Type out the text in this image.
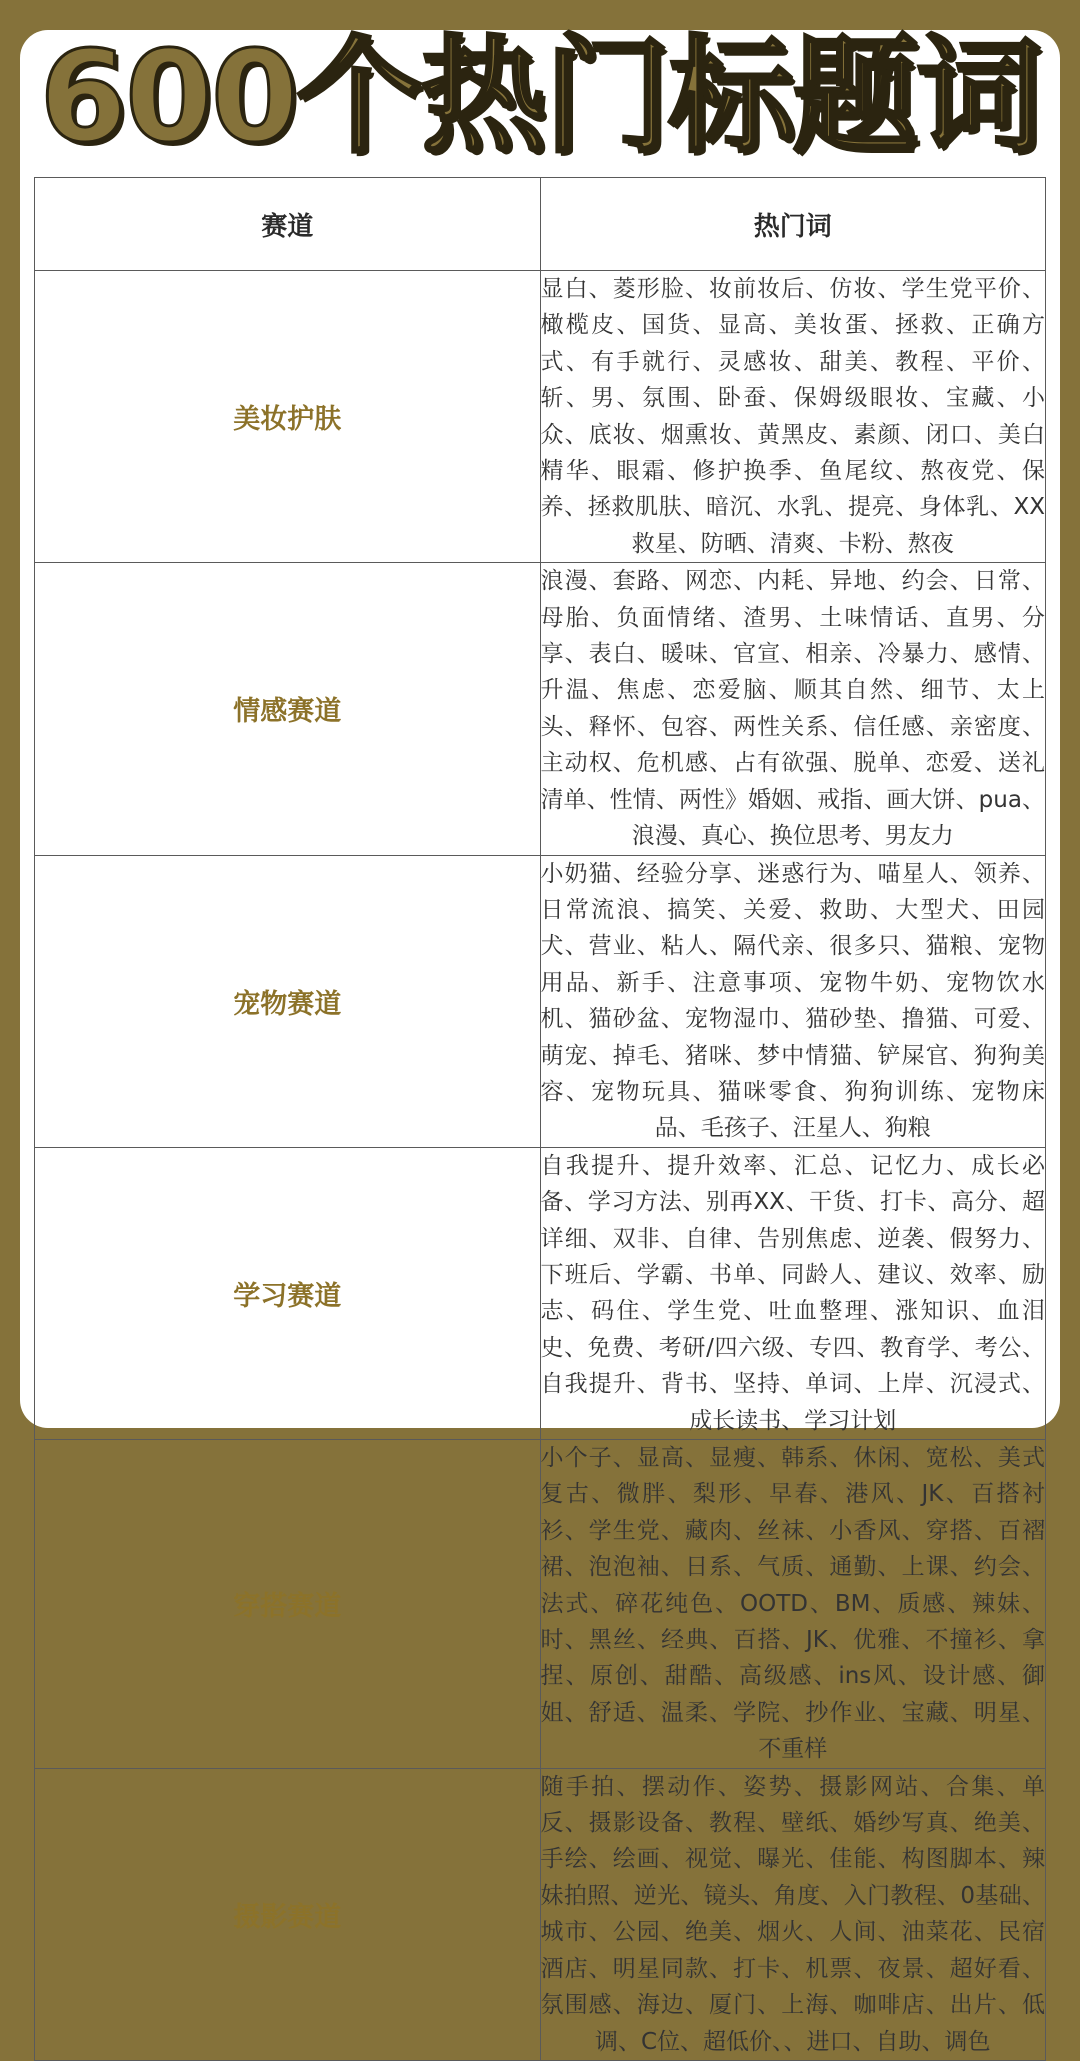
600个热门标题词
赛道	热门词
美妆护肤	显白、菱形脸、妆前妆后、仿妆、学生党平价、橄榄皮、国货、显高、美妆蛋、拯救、正确方式、有手就行、灵感妆、甜美、教程、平价、斩、男、氛围、卧蚕、保姆级眼妆、宝藏、小众、底妆、烟熏妆、黄黑皮、素颜、闭口、美白精华、眼霜、修护换季、鱼尾纹、熬夜党、保养、拯救肌肤、暗沉、水乳、提亮、身体乳、XX救星、防晒、清爽、卡粉、熬夜

情感赛道	浪漫、套路、网恋、内耗、异地、约会、日常、母胎、负面情绪、渣男、土味情话、直男、分享、表白、暖味、官宣、相亲、冷暴力、感情、升温、焦虑、恋爱脑、顺其自然、细节、太上头、释怀、包容、两性关系、信任感、亲密度、主动权、危机感、占有欲强、脱单、恋爱、送礼清单、性情、两性》婚姻、戒指、画大饼、pua、浪漫、真心、换位思考、男友力

宠物赛道	小奶猫、经验分享、迷惑行为、喵星人、领养、日常流浪、搞笑、关爱、救助、大型犬、田园犬、营业、粘人、隔代亲、很多只、猫粮、宠物用品、新手、注意事项、宠物牛奶、宠物饮水机、猫砂盆、宠物湿巾、猫砂垫、撸猫、可爱、萌宠、掉毛、猪咪、梦中情猫、铲屎官、狗狗美容、宠物玩具、猫咪零食、狗狗训练、宠物床品、毛孩子、汪星人、狗粮

学习赛道	自我提升、提升效率、汇总、记忆力、成长必备、学习方法、别再XX、干货、打卡、高分、超详细、双非、自律、告别焦虑、逆袭、假努力、下班后、学霸、书单、同龄人、建议、效率、励志、码住、学生党、吐血整理、涨知识、血泪史、免费、考研/四六级、专四、教育学、考公、自我提升、背书、坚持、单词、上岸、沉浸式、成长读书、学习计划

穿搭赛道	小个子、显高、显瘦、韩系、休闲、宽松、美式复古、微胖、梨形、早春、港风、JK、百搭衬衫、学生党、藏肉、丝袜、小香风、穿搭、百褶裙、泡泡袖、日系、气质、通勤、上课、约会、法式、碎花纯色、OOTD、BM、质感、辣妹、时、黑丝、经典、百搭、JK、优雅、不撞衫、拿捏、原创、甜酷、高级感、ins风、设计感、御姐、舒适、温柔、学院、抄作业、宝藏、明星、不重样

摄影赛道	随手拍、摆动作、姿势、摄影网站、合集、单反、摄影设备、教程、壁纸、婚纱写真、绝美、手绘、绘画、视觉、曝光、佳能、构图脚本、辣妹拍照、逆光、镜头、角度、入门教程、0基础、城市、公园、绝美、烟火、人间、油菜花、民宿酒店、明星同款、打卡、机票、夜景、超好看、氛围感、海边、厦门、上海、咖啡店、出片、低调、C位、超低价、、进口、自助、调色
